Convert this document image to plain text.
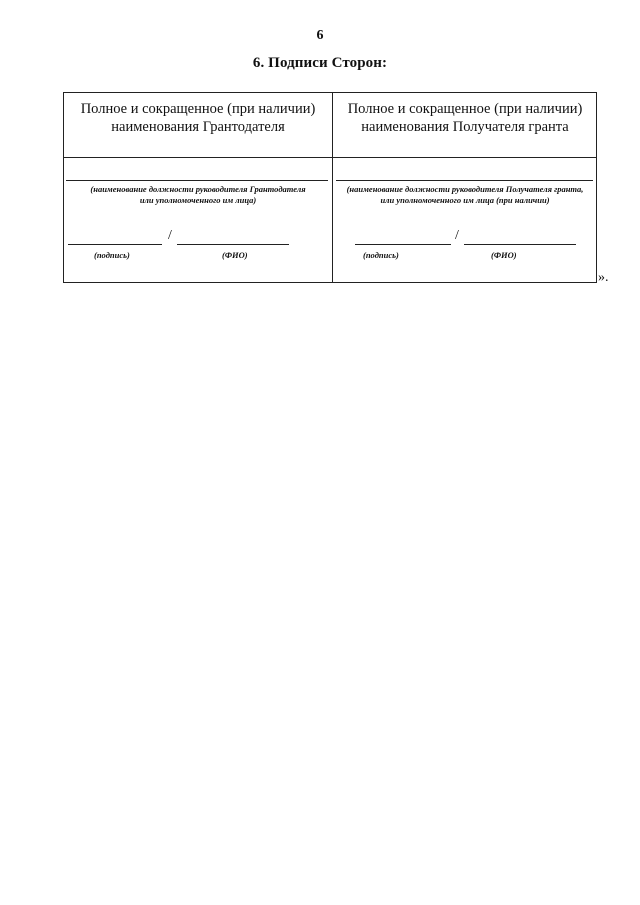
6
6. Подписи Сторон:
Полное и сокращенное (при наличии)
наименования Грантодателя
(наименование должности руководителя Грантодателя
или уполномоченного им лица)
/
(подпись)	(ФИО)
Полное и сокращенное (при наличии)
наименования Получателя гранта
(наименование должности руководителя Получателя гранта,
или уполномоченного им лица (при наличии)
/
(подпись)	(ФИО)
».
